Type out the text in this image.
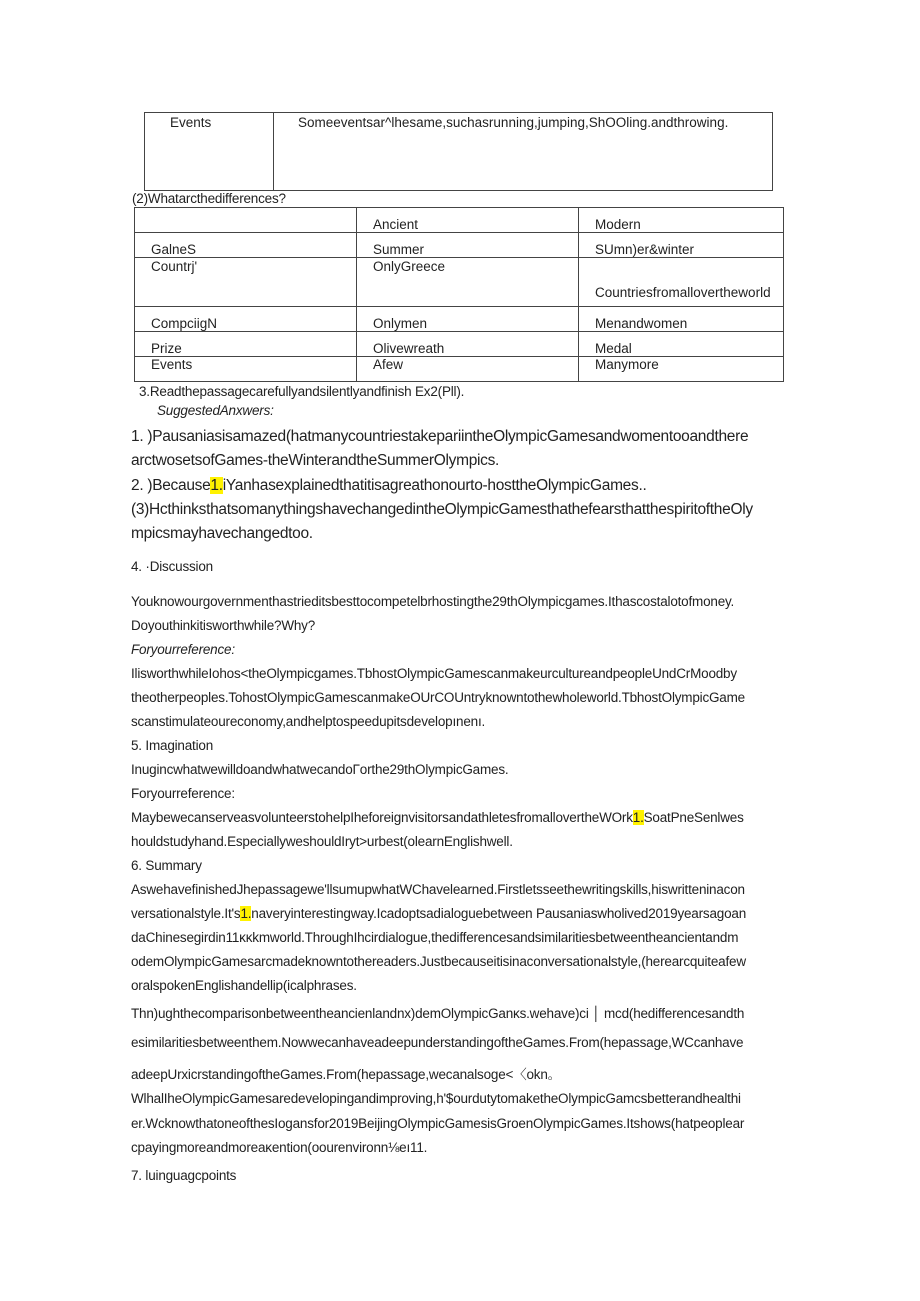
Events	Someeventsar^lhesame,suchasrunning,jumping,ShOOling.andthrowing.
(2)Whatarcthedifferences?
	Ancient	Modern
GalneS	Summer	SUmn)er&winter
Countrj'	OnlyGreece	Countriesfromallovertheworld
CompciigN	Onlymen	Menandwomen
Prize	Olivewreath	Medal
Events	Afew	Manymore
3.Readthepassagecarefullyandsilentlyandfinish Ex2(Pll).
SuggestedAnxwers:
1. )Pausaniasisamazed(hatmanycountriestakepariintheOlympicGamesandwomentooandthere
arctwosetsofGames-theWinterandtheSummerOlympics.
2. )Because1.iYanhasexplainedthatitisagreathonourto-hosttheOlympicGames..
(3)HcthinksthatsomanythingshavechangedintheOlympicGamesthathefearsthatthespiritoftheOly
mpicsmayhavechangedtoo.
4. ·Discussion
Youknowourgovernmenthastrieditsbesttocompetelbrhostingthe29thOlympicgames.Ithascostalotofmoney.
Doyouthinkitisworthwhile?Why?
Foryourreference:
IlisworthwhileIohos<theOlympicgames.TbhostOlympicGamescanmakeurcultureandpeopleUndCrMoodby
theotherpeoples.TohostOlympicGamescanmakeOUrCOUntryknowntothewholeworld.TbhostOlympicGame
scanstimulateoureconomy,andhelptospeedupitsdevelopınenı.
5. Imagination
InugincwhatwewilldoandwhatwecandoΓorthe29thOlympicGames.
Foryourreference:
MaybewecanserveasvolunteerstohelpIheforeignvisitorsandathletesfromallovertheWOrk1.SoatPneSenlwes
houldstudyhand.EspeciallyweshouldIryt>urbest(olearnEnglishwell.
6. Summary
AswehavefinishedJhepassagewe'llsumupwhatWChavelearned.Firstletsseethewritingskills,hiswritteninacon
versationalstyle.It's1.naveryinterestingway.Icadoptsadialoguebetween Pausaniaswholived2019yearsagoan
daChinesegirdin11ĸĸkmworld.ThroughIhcirdialogue,thedifferencesandsimilaritiesbetweentheancientandm
odemOlympicGamesarcmadeknowntothereaders.Justbecauseitisinaconversationalstyle,(herearcquiteafew
oralspokenEnglishandellip(icalphrases.
Thn)ughthecomparisonbetweentheancienlandnx)demOlympicGanĸs.wehave)ci │ mcd(hedifferencesandth
esimilaritiesbetweenthem.NowwecanhaveadeepunderstandingoftheGames.From(hepassage,WCcanhave
adeepUrxicrstandingoftheGames.From(hepassage,wecanalsoge<〈okn。
WlhalIheOlympicGamesaredevelopingandimproving,h'$ourdutytomaketheOlympicGamcsbetterandhealthi
er.WcknowthatoneofthesIogansfor2019BeijingOlympicGamesisGroenOlympicGames.Itshows(hatpeoplear
cpayingmoreandmoreaĸention(oourenvironn⅛eı11.
7. luinguagcpoints
